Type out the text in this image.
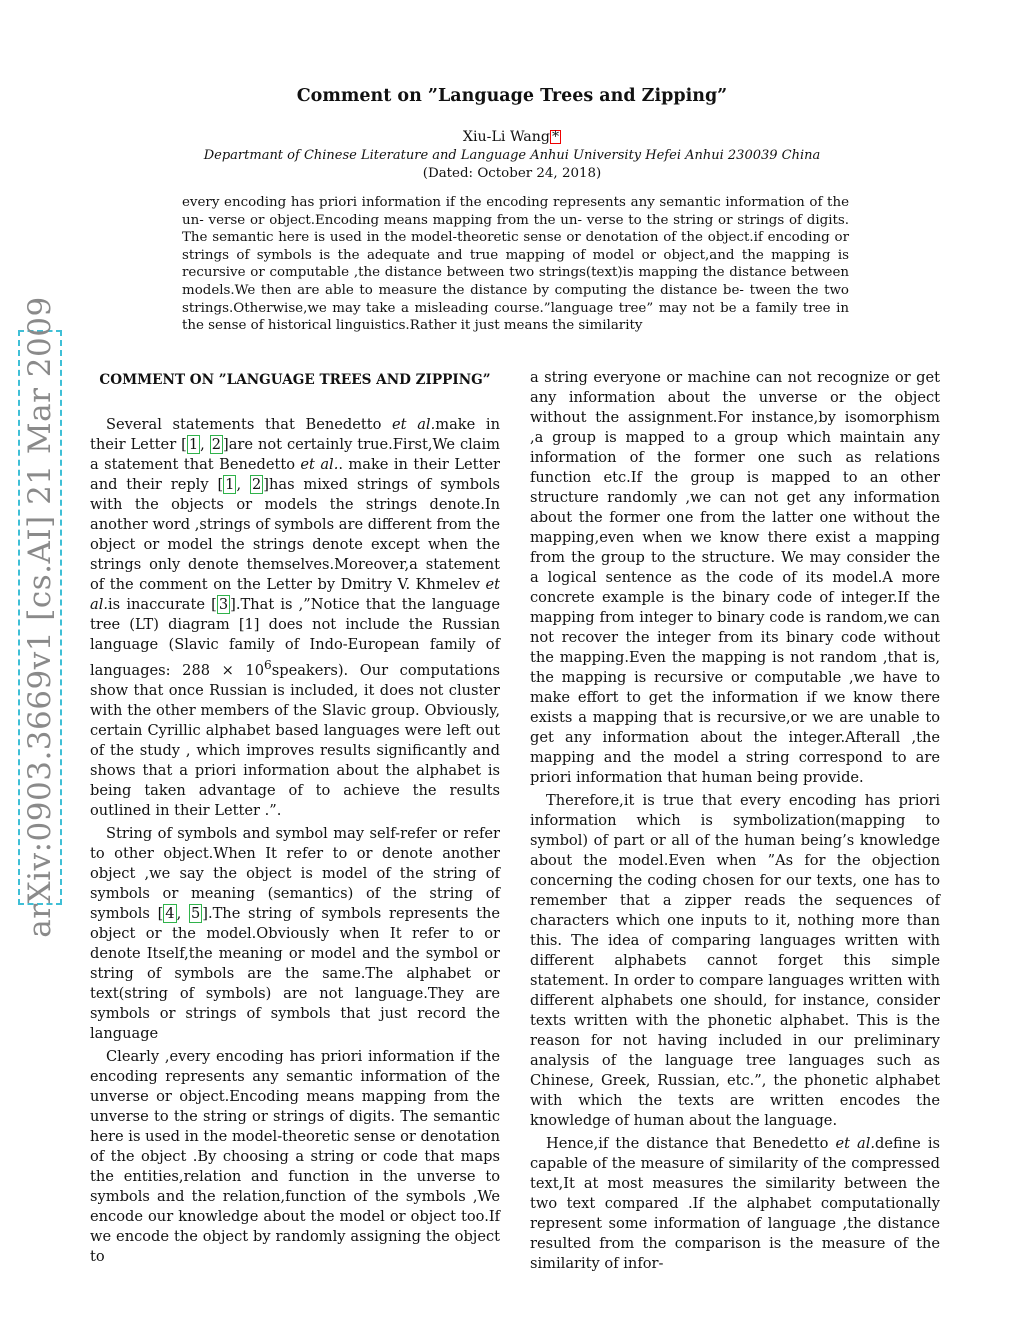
Comment on ”Language Trees and Zipping”
Xiu-Li Wang *
Departmant of Chinese Literature and Language Anhui University Hefei Anhui 230039 China
(Dated: October 24, 2018)

every encoding has priori information if the encoding represents any semantic information of the un- verse or object.Encoding means mapping from the un- verse to the string or strings of digits. The semantic here is used in the model-theoretic sense or denotation of the object.if encoding or strings of symbols is the adequate and true mapping of model or object,and the mapping is recursive or computable ,the distance between two strings(text)is mapping the distance between models.We then are able to measure the distance by computing the distance be- tween the two strings.Otherwise,we may take a misleading course.”language tree” may not be a family tree in the sense of historical linguistics.Rather it just means the similarity

arXiv:0903.3669v1 [cs.AI] 21 Mar 2009	COMMENT ON ”LANGUAGE TREES AND ZIPPING”

Several statements that Benedetto et al.make in their Letter [ 1 , 2 ]are not certainly true.First,We claim a statement that Benedetto et al.. make in their Letter and their reply [ 1 , 2 ]has mixed strings of symbols with the objects or models the strings denote.In another word ,strings of symbols are different from the object or model the strings denote except when the strings only denote themselves.Moreover,a statement of the comment on the Letter by Dmitry V. Khmelev et al.is inaccurate [ 3 ].That is ,”Notice that the language tree (LT) diagram [1] does not include the Russian language (Slavic family of Indo-European family of languages: $288 \times 10^6speakers$). Our computations show that once Russian is included, it does not cluster with the other members of the Slavic group. Obviously, certain Cyrillic alphabet based languages were left out of the study , which improves results significantly and shows that a priori information about the alphabet is being taken advantage of to achieve the results outlined in their Letter .”.

String of symbols and symbol may self-refer or refer to other object.When It refer to or denote another object ,we say the object is model of the string of symbols or meaning (semantics) of the string of symbols [ 4 , 5 ].The string of symbols represents the object or the model.Obviously when It refer to or denote Itself,the meaning or model and the symbol or string of symbols are the same.The alphabet or text(string of symbols) are not language.They are symbols or strings of symbols that just record the language

Clearly ,every encoding has priori information if the encoding represents any semantic information of the unverse or object.Encoding means mapping from the unverse to the string or strings of digits. The semantic here is used in the model-theoretic sense or denotation of the object .By choosing a string or code that maps the entities,relation and function in the unverse to symbols and the relation,function of the symbols ,We encode our knowledge about the model or object too.If we encode the object by randomly assigning the object to

a string everyone or machine can not recognize or get any information about the unverse or the object without the assignment.For instance,by isomorphism ,a group is mapped to a group which maintain any information of the former one such as relations function etc.If the group is mapped to an other structure randomly ,we can not get any information about the former one from the latter one without the mapping,even when we know there exist a mapping from the group to the structure. We may consider the a logical sentence as the code of its model.A more concrete example is the binary code of integer.If the mapping from integer to binary code is random,we can not recover the integer from its binary code without the mapping.Even the mapping is not random ,that is, the mapping is recursive or computable ,we have to make effort to get the information if we know there exists a mapping that is recursive,or we are unable to get any information about the integer.Afterall ,the mapping and the model a string correspond to are priori information that human being provide.

Therefore,it is true that every encoding has priori information which is symbolization(mapping to symbol) of part or all of the human being’s knowledge about the model.Even when ”As for the objection concerning the coding chosen for our texts, one has to remember that a zipper reads the sequences of characters which one inputs to it, nothing more than this. The idea of comparing languages written with different alphabets cannot forget this simple statement. In order to compare languages written with different alphabets one should, for instance, consider texts written with the phonetic alphabet. This is the reason for not having included in our preliminary analysis of the language tree languages such as Chinese, Greek, Russian, etc.”, the phonetic alphabet with which the texts are written encodes the knowledge of human about the language.

Hence,if the distance that Benedetto et al.define is capable of the measure of similarity of the compressed text,It at most measures the similarity between the two text compared .If the alphabet computationally represent some information of language ,the distance resulted from the comparison is the measure of the similarity of infor-
